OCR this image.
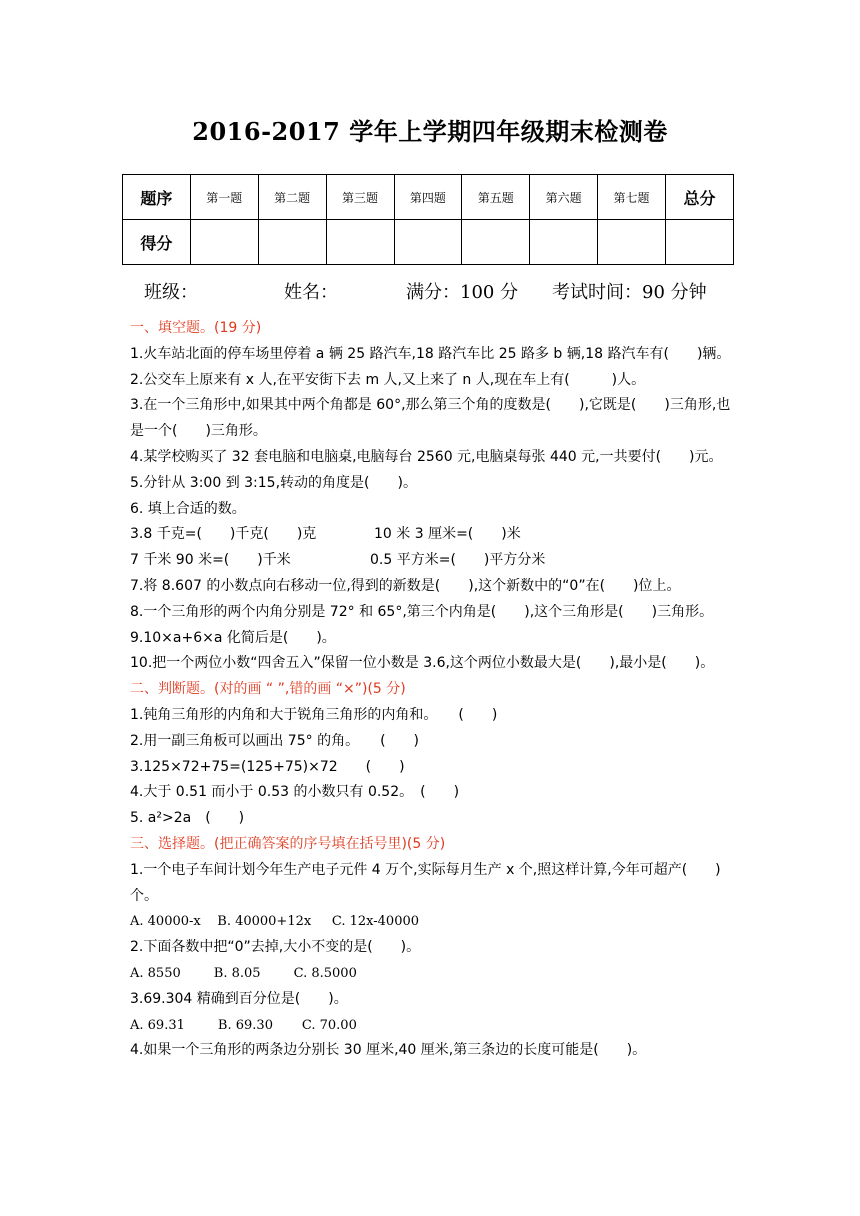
2016-2017 学年上学期四年级期末检测卷
题序	第一题	第二题	第三题	第四题	第五题	第六题	第七题	总分
得分								
班级：	姓名：	满分：100 分 考试时间：90 分钟
一、填空题。(19 分)
1.火车站北面的停车场里停着 a 辆 25 路汽车,18 路汽车比 25 路多 b 辆,18 路汽车有(　　)辆。
2.公交车上原来有 x 人,在平安街下去 m 人,又上来了 n 人,现在车上有(　　　)人。
3.在一个三角形中,如果其中两个角都是 60°,那么第三个角的度数是(　　),它既是(　　)三角形,也是一个(　　)三角形。
4.某学校购买了 32 套电脑和电脑桌,电脑每台 2560 元,电脑桌每张 440 元,一共要付(　　)元。
5.分针从 3:00 到 3:15,转动的角度是(　　)。
6. 填上合适的数。
3.8 千克=(　　)千克(　　)克	10 米 3 厘米=(　　)米
7 千米 90 米=(　　)千米	0.5 平方米=(　　)平方分米
7.将 8.607 的小数点向右移动一位,得到的新数是(　　),这个新数中的“0”在(　　)位上。
8.一个三角形的两个内角分别是 72° 和 65°,第三个内角是(　　),这个三角形是(　　)三角形。
9.10×a+6×a 化简后是(　　)。
10.把一个两位小数“四舍五入”保留一位小数是 3.6,这个两位小数最大是(　　),最小是(　　)。
二、判断题。(对的画 “ ”,错的画 “×”)(5 分)
1.钝角三角形的内角和大于锐角三角形的内角和。　　(　　)
2.用一副三角板可以画出 75° 的角。　　(　　)
3.125×72+75=(125+75)×72　　(　　)
4.大于 0.51 而小于 0.53 的小数只有 0.52。　(　　)
5. a²>2a　(　　)
三、选择题。(把正确答案的序号填在括号里)(5 分)
1.一个电子车间计划今年生产电子元件 4 万个,实际每月生产 x 个,照这样计算,今年可超产(　　)个。
A. 40000-x    B. 40000+12x     C. 12x-40000
2.下面各数中把“0”去掉,大小不变的是(　　)。
A. 8550        B. 8.05        C. 8.5000
3.69.304 精确到百分位是(　　)。
A. 69.31        B. 69.30       C. 70.00
4.如果一个三角形的两条边分别长 30 厘米,40 厘米,第三条边的长度可能是(　　)。
